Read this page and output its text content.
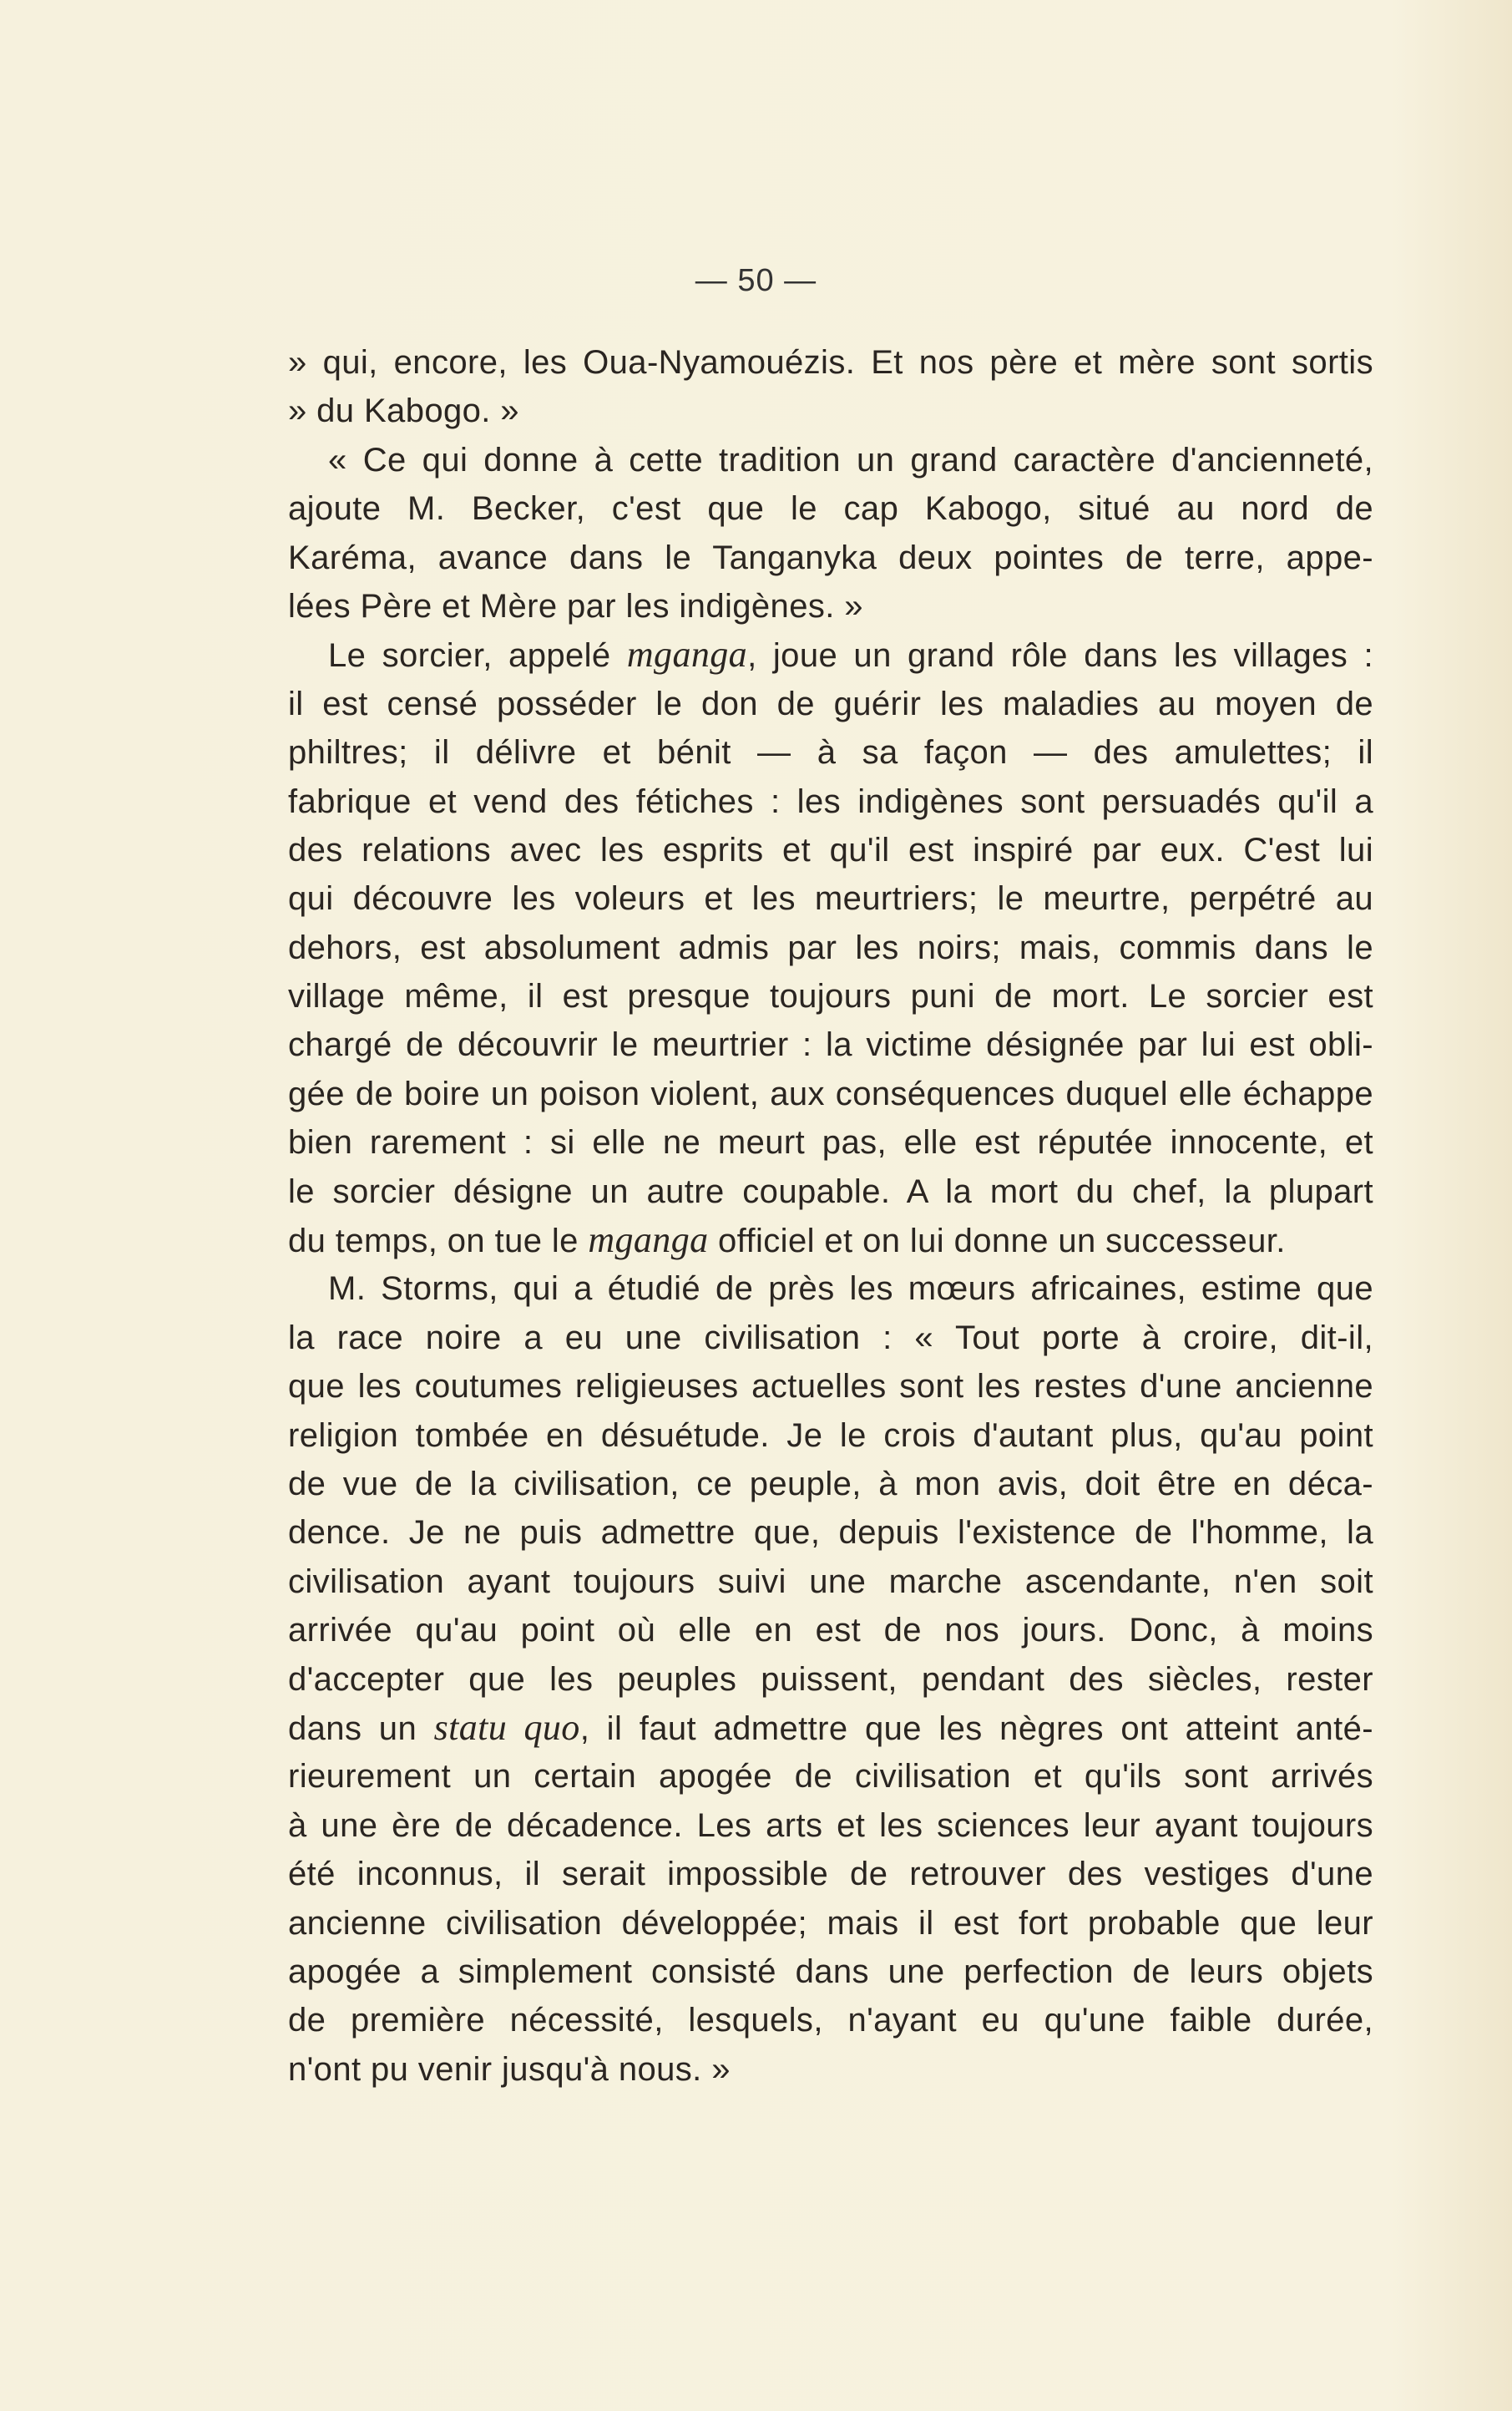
— 50 —
» qui, encore, les Oua-Nyamouézis. Et nos père et mère sont sortis
» du Kabogo. »
« Ce qui donne à cette tradition un grand caractère d'ancienneté,
ajoute M. Becker, c'est que le cap Kabogo, situé au nord de
Karéma, avance dans le Tanganyka deux pointes de terre, appe-
lées Père et Mère par les indigènes. »
Le sorcier, appelé mganga, joue un grand rôle dans les villages :
il est censé posséder le don de guérir les maladies au moyen de
philtres; il délivre et bénit — à sa façon — des amulettes; il
fabrique et vend des fétiches : les indigènes sont persuadés qu'il a
des relations avec les esprits et qu'il est inspiré par eux. C'est lui
qui découvre les voleurs et les meurtriers; le meurtre, perpétré au
dehors, est absolument admis par les noirs; mais, commis dans le
village même, il est presque toujours puni de mort. Le sorcier est
chargé de découvrir le meurtrier : la victime désignée par lui est obli-
gée de boire un poison violent, aux conséquences duquel elle échappe
bien rarement : si elle ne meurt pas, elle est réputée innocente, et
le sorcier désigne un autre coupable. A la mort du chef, la plupart
du temps, on tue le mganga officiel et on lui donne un successeur.
M. Storms, qui a étudié de près les mœurs africaines, estime que
la race noire a eu une civilisation : « Tout porte à croire, dit-il,
que les coutumes religieuses actuelles sont les restes d'une ancienne
religion tombée en désuétude. Je le crois d'autant plus, qu'au point
de vue de la civilisation, ce peuple, à mon avis, doit être en déca-
dence. Je ne puis admettre que, depuis l'existence de l'homme, la
civilisation ayant toujours suivi une marche ascendante, n'en soit
arrivée qu'au point où elle en est de nos jours. Donc, à moins
d'accepter que les peuples puissent, pendant des siècles, rester
dans un statu quo, il faut admettre que les nègres ont atteint anté-
rieurement un certain apogée de civilisation et qu'ils sont arrivés
à une ère de décadence. Les arts et les sciences leur ayant toujours
été inconnus, il serait impossible de retrouver des vestiges d'une
ancienne civilisation développée; mais il est fort probable que leur
apogée a simplement consisté dans une perfection de leurs objets
de première nécessité, lesquels, n'ayant eu qu'une faible durée,
n'ont pu venir jusqu'à nous. »
